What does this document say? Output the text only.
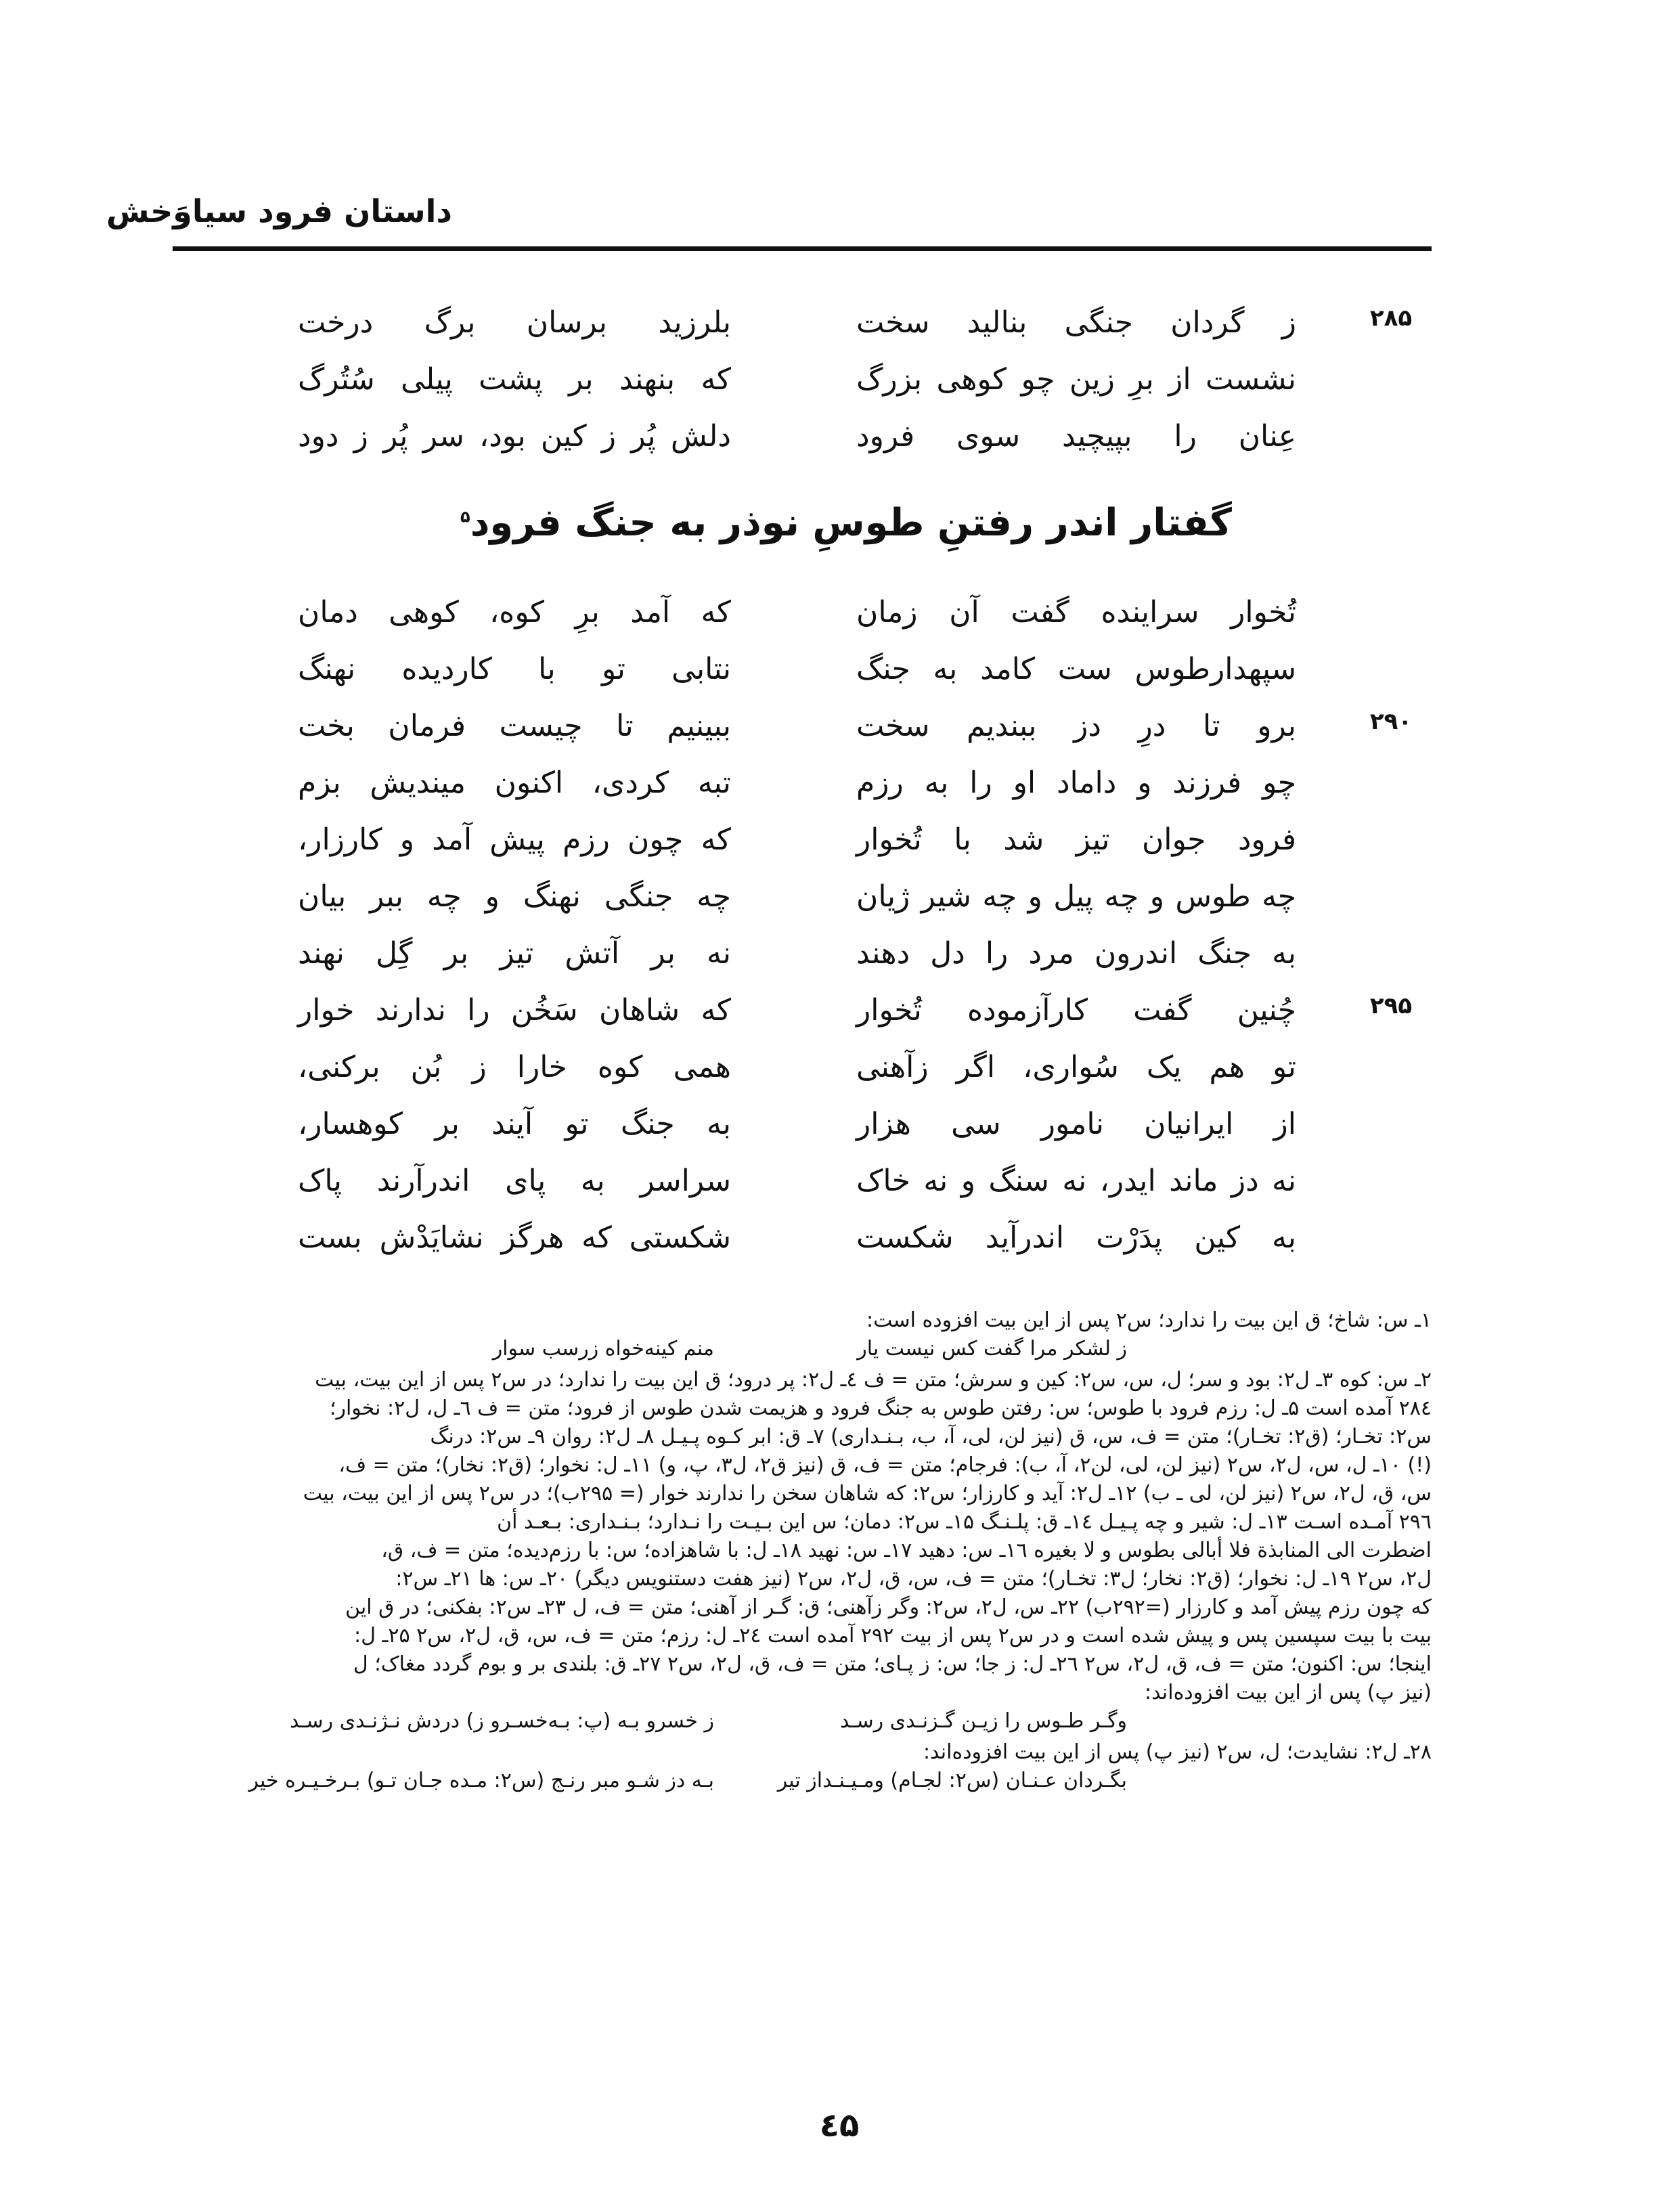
داستان فرود سیاوَخش
۲۸۵
ز گردان جنگی بنالید سخت
بلرزید برسان برگ درخت
نشست از برِ زین چو کوهی بزرگ
که بنهند بر پشت پیلی سُتُرگ
عِنان را بپیچید سوی فرود
دلش پُر ز کین بود، سر پُر ز دود
گفتار اندر رفتنِ طوسِ نوذر به جنگ فرود$^۵$
تُخوار سراینده گفت آن زمان
که آمد برِ کوه، کوهی دمان
سپهدارطوس ست کامد به جنگ
نتابی تو با کاردیده نهنگ
۲۹۰
برو تا درِ دز ببندیم سخت
ببینیم تا چیست فرمان بخت
چو فرزند و داماد او را به رزم
تبه کردی، اکنون میندیش بزم
فرود جوان تیز شد با تُخوار
که چون رزم پیش آمد و کارزار،
چه طوس و چه پیل و چه شیر ژیان
چه جنگی نهنگ و چه ببر بیان
به جنگ اندرون مرد را دل دهند
نه بر آتش تیز بر گِل نهند
۲۹۵
چُنین گفت کارآزموده تُخوار
که شاهان سَخُن را ندارند خوار
تو هم یک سُواری، اگر زآهنی
همی کوه خارا ز بُن برکنی،
از ایرانیان نامور سی هزار
به جنگ تو آیند بر کوهسار،
نه دز ماند ایدر، نه سنگ و نه خاک
سراسر به پای اندرآرند پاک
به کین پدَرْت اندرآید شکست
شکستی که هرگز نشایَدْش بست
۱ـ س: شاخ؛ ق این بیت را ندارد؛ س۲ پس از این بیت افزوده است:
ز لشکر مرا گفت کس نیست یار
منم کینه‌خواه زرسب سوار
۲ـ س: کوه ۳ـ ل۲: بود و سر؛ ل، س، س۲: کین و سرش؛ متن = ف ٤ـ ل۲: پر درود؛ ق این بیت را ندارد؛ در س۲ پس از این بیت، بیت
۲۸٤ آمده است ۵ـ ل: رزم فرود با طوس؛ س: رفتن طوس به جنگ فرود و هزیمت شدن طوس از فرود؛ متن = ف ٦ـ ل، ل۲: نخوار؛
س۲: تخـار؛ (ق۲: تخـار)؛ متن = ف، س، ق (نیز لن، لی، آ، ب، بـنـداری) ۷ـ ق: ابر کـوه پـیـل ۸ـ ل۲: روان ۹ـ س۲: درنگ
(!) ۱۰ـ ل، س، ل۲، س۲ (نیز لن، لی، لن۲، آ، ب): فرجام؛ متن = ف، ق (نیز ق۲، ل۳، پ، و) ۱۱ـ ل: نخوار؛ (ق۲: نخار)؛ متن = ف،
س، ق، ل۲، س۲ (نیز لن، لی ـ ب) ۱۲ـ ل۲: آید و کارزار؛ س۲: که شاهان سخن را ندارند خوار (= ۲۹۵ب)؛ در س۲ پس از این بیت، بیت
۲۹٦ آمـده اسـت ۱۳ـ ل: شیر و چه پـیـل ۱٤ـ ق: پلـنـگ ۱۵ـ س۲: دمان؛ س این بـیـت را نـدارد؛ بـنـداری: بـعـد أن
اضطرت الی المنابذة فلا أبالی بطوس و لا بغیره ۱٦ـ س: دهید ۱۷ـ س: نهید ۱۸ـ ل: با شاهزاده؛ س: با رزم‌دیده؛ متن = ف، ق،
ل۲، س۲ ۱۹ـ ل: نخوار؛ (ق۲: نخار؛ ل۳: تخـار)؛ متن = ف، س، ق، ل۲، س۲ (نیز هفت دستنویس دیگر) ۲۰ـ س: ها ۲۱ـ س۲:
که چون رزم پیش آمد و کارزار (=۲۹۲ب) ۲۲ـ س، ل۲، س۲: وگر زآهنی؛ ق: گـر از آهنی؛ متن = ف، ل ۲۳ـ س۲: بفکنی؛ در ق این
بیت با بیت سپسین پس و پیش شده است و در س۲ پس از بیت ۲۹۲ آمده است ۲٤ـ ل: رزم؛ متن = ف، س، ق، ل۲، س۲ ۲۵ـ ل:
اینجا؛ س: اکنون؛ متن = ف، ق، ل۲، س۲ ۲٦ـ ل: ز جا؛ س: ز پـای؛ متن = ف، ق، ل۲، س۲ ۲۷ـ ق: بلندی بر و بوم گردد مغاک؛ ل
(نیز پ) پس از این بیت افزوده‌اند:
وگـر طـوس را زیـن گـزنـدی رسـد
ز خسرو بـه (پ: بـه‌خسـرو ز) دردش نـژنـدی رسـد
۲۸ـ ل۲: نشایدت؛ ل، س۲ (نیز پ) پس از این بیت افزوده‌اند:
بگـردان عـنـان (س۲: لجـام) ومـیـنـداز تیر
بـه دز شـو مبر رنـج (س۲: مـده جـان تـو) بـرخـیـره خیر
٤۵
